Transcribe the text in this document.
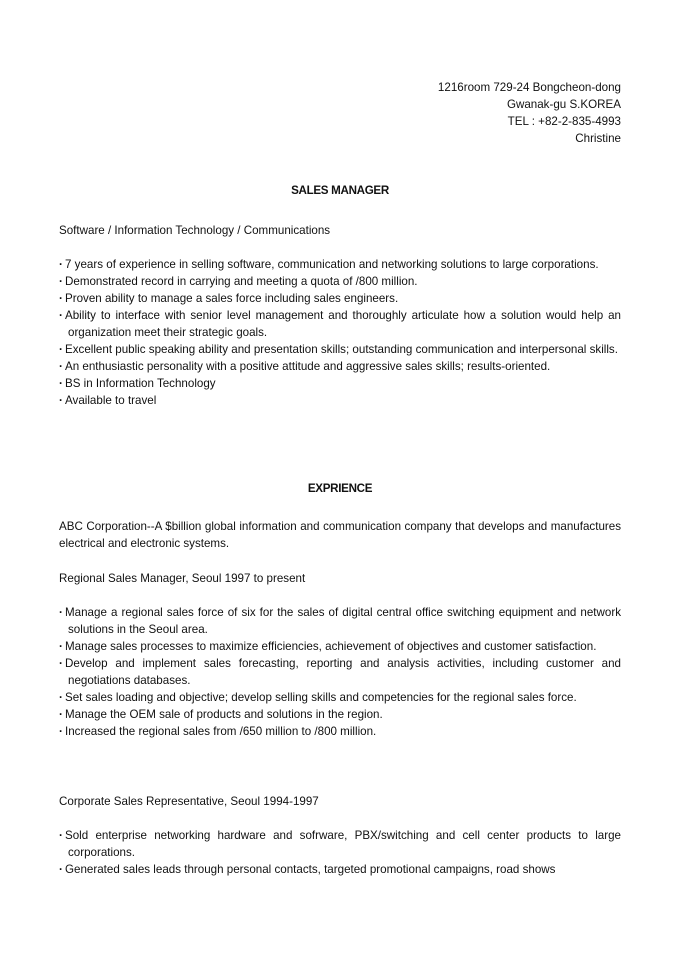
1216room 729-24 Bongcheon-dong
Gwanak-gu S.KOREA
TEL : +82-2-835-4993
Christine
SALES MANAGER
Software / Information Technology / Communications
· 7 years of experience in selling software, communication and networking solutions to large corporations.
· Demonstrated record in carrying and meeting a quota of /800 million.
· Proven ability to manage a sales force including sales engineers.
· Ability to interface with senior level management and thoroughly articulate how a solution would help an organization meet their strategic goals.
· Excellent public speaking ability and presentation skills; outstanding communication and interpersonal skills.
· An enthusiastic personality with a positive attitude and aggressive sales skills; results-oriented.
· BS in Information Technology
· Available to travel
EXPRIENCE
ABC Corporation--A $billion global information and communication company that develops and manufactures electrical and electronic systems.
Regional Sales Manager, Seoul 1997 to present
· Manage a regional sales force of six for the sales of digital central office switching equipment and network solutions in the Seoul area.
· Manage sales processes to maximize efficiencies, achievement of objectives and customer satisfaction.
· Develop and implement sales forecasting, reporting and analysis activities, including customer and negotiations databases.
· Set sales loading and objective; develop selling skills and competencies for the regional sales force.
· Manage the OEM sale of products and solutions in the region.
· Increased the regional sales from /650 million to /800 million.
Corporate Sales Representative, Seoul 1994-1997
· Sold enterprise networking hardware and sofrware, PBX/switching and cell center products to large corporations.
· Generated sales leads through personal contacts, targeted promotional campaigns, road shows
